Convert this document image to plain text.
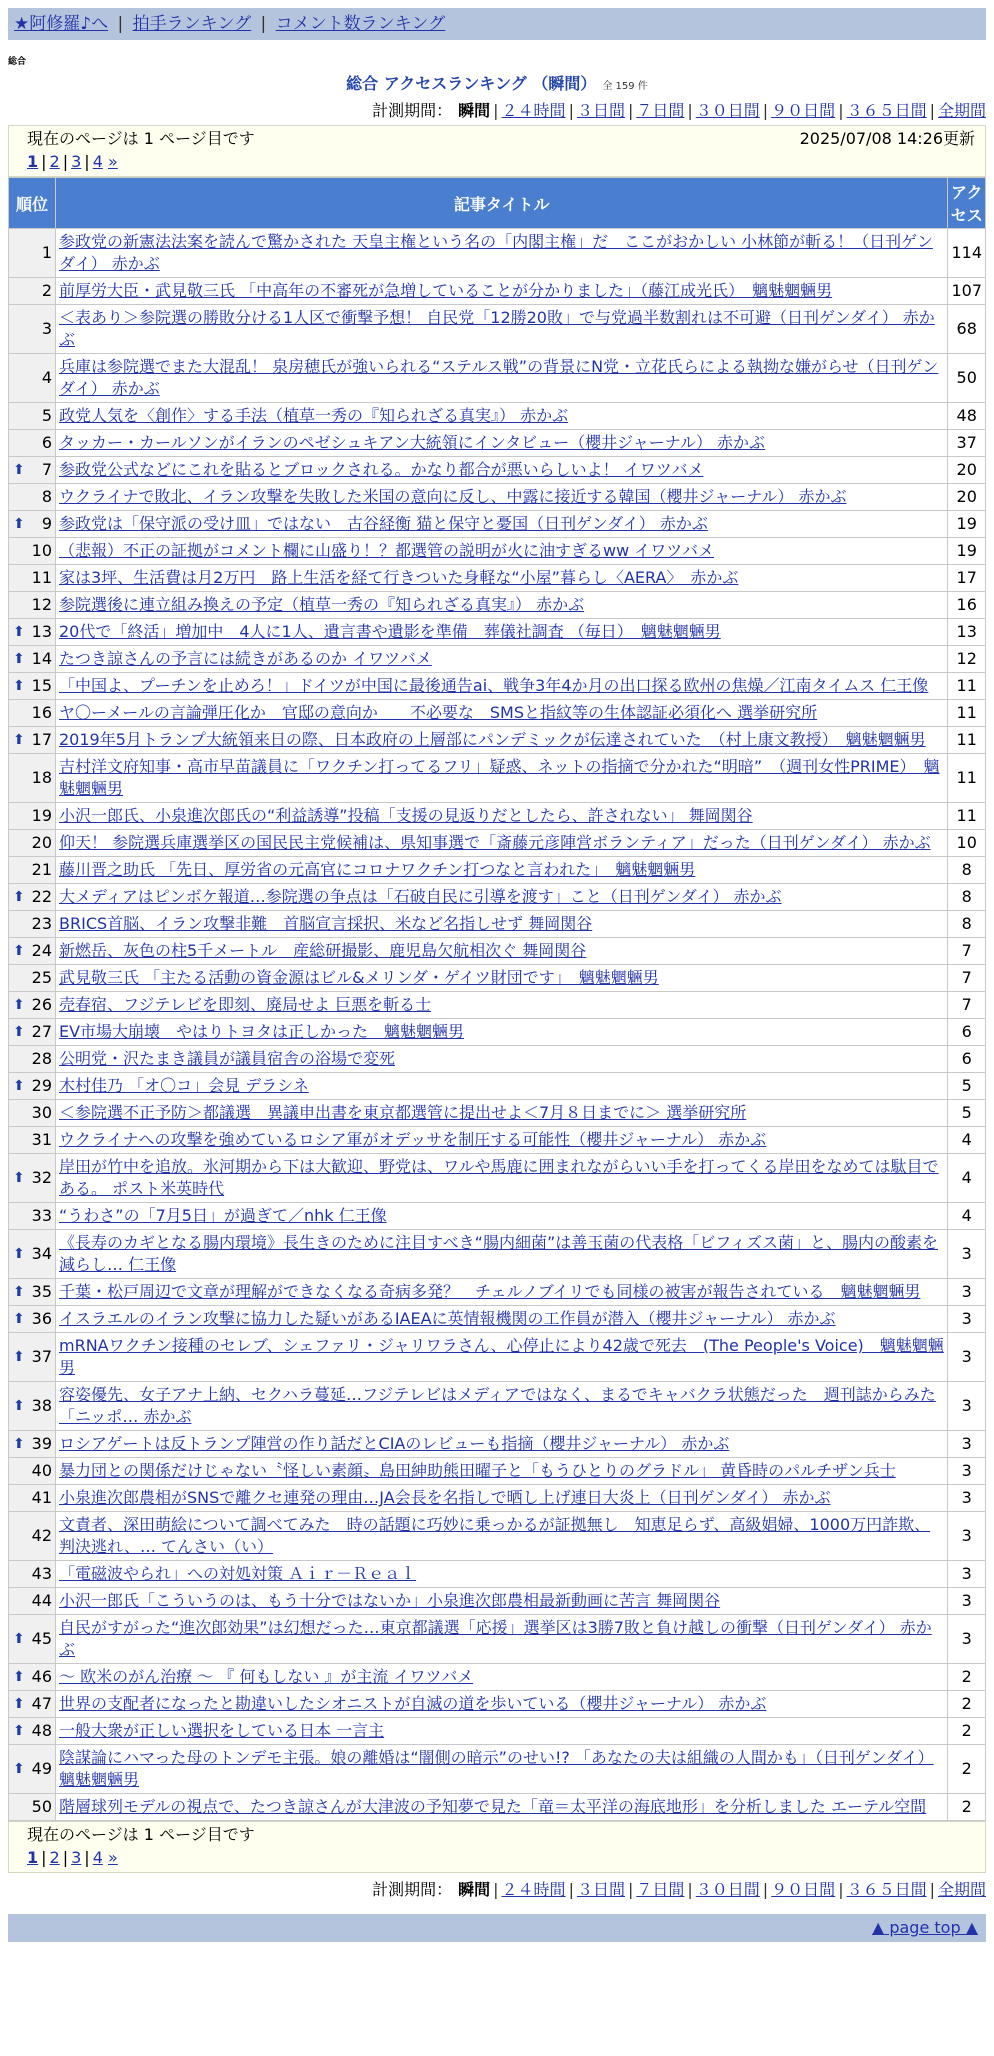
★阿修羅♪へ | 拍手ランキング | コメント数ランキング
総合
総合 アクセスランキング （瞬間） 全 159 件
計測期間： 瞬間 | ２４時間 | ３日間 | ７日間 | ３０日間 | ９０日間 | ３６５日間 | 全期間
現在のページは 1 ページ目です	2025/07/08 14:26更新
1 | 2 | 3 | 4 »
順位	記事タイトル	アクセス
1	参政党の新憲法法案を読んで驚かされた 天皇主権という名の「内閣主権」だ　ここがおかしい 小林節が斬る！（日刊ゲンダイ） 赤かぶ	114
2	前厚労大臣・武見敬三氏 「中高年の不審死が急増していることが分かりました」（藤江成光氏）　魑魅魍魎男	107
3	＜表あり＞参院選の勝敗分ける1人区で衝撃予想！ 自民党「12勝20敗」で与党過半数割れは不可避（日刊ゲンダイ） 赤かぶ	68
4	兵庫は参院選でまた大混乱！ 泉房穂氏が強いられる“ステルス戦”の背景にN党・立花氏らによる執拗な嫌がらせ（日刊ゲンダイ） 赤かぶ	50
5	政党人気を〈創作〉する手法（植草一秀の『知られざる真実』） 赤かぶ	48
6	タッカー・カールソンがイランのペゼシュキアン大統領にインタビュー（櫻井ジャーナル） 赤かぶ	37

⬆ 7	参政党公式などにこれを貼るとブロックされる。かなり都合が悪いらしいよ！ イワツバメ	20
8	ウクライナで敗北、イラン攻撃を失敗した米国の意向に反し、中露に接近する韓国（櫻井ジャーナル） 赤かぶ	20

⬆ 9	参政党は「保守派の受け皿」ではない　古谷経衡 猫と保守と憂国（日刊ゲンダイ） 赤かぶ	19
10	（悲報）不正の証拠がコメント欄に山盛り！？都選管の説明が火に油すぎるww イワツバメ	19
11	家は3坪、生活費は月2万円　路上生活を経て行きついた身軽な“小屋”暮らし〈AERA〉　赤かぶ	17
12	参院選後に連立組み換えの予定（植草一秀の『知られざる真実』） 赤かぶ	16

⬆ 13	20代で「終活」増加中　4人に1人、遺言書や遺影を準備　葬儀社調査 （毎日）　魑魅魍魎男	13

⬆ 14	たつき諒さんの予言には続きがあるのか イワツバメ	12

⬆ 15	「中国よ、プーチンを止めろ！」ドイツが中国に最後通告ai、戦争3年4か月の出口探る欧州の焦燥／江南タイムス 仁王像	11
16	ヤ〇ーメールの言論弾圧化か　官邸の意向か　　不必要な　SMSと指紋等の生体認証必須化へ 選挙研究所	11

⬆ 17	2019年5月トランプ大統領来日の際、日本政府の上層部にパンデミックが伝達されていた　（村上康文教授）　魑魅魍魎男	11
18	吉村洋文府知事・高市早苗議員に「ワクチン打ってるフリ」疑惑、ネットの指摘で分かれた“明暗”　（週刊女性PRIME）　魑魅魍魎男	11
19	小沢一郎氏、小泉進次郎氏の“利益誘導”投稿「支援の見返りだとしたら、許されない」 舞岡関谷	11
20	仰天！ 参院選兵庫選挙区の国民民主党候補は、県知事選で「斎藤元彦陣営ボランティア」だった（日刊ゲンダイ） 赤かぶ	10
21	藤川晋之助氏 「先日、厚労省の元高官にコロナワクチン打つなと言われた」　魑魅魍魎男	8

⬆ 22	大メディアはピンボケ報道…参院選の争点は「石破自民に引導を渡す」こと（日刊ゲンダイ） 赤かぶ	8
23	BRICS首脳、イラン攻撃非難　首脳宣言採択、米など名指しせず 舞岡関谷	8

⬆ 24	新燃岳、灰色の柱5千メートル　産総研撮影、鹿児島欠航相次ぐ 舞岡関谷	7
25	武見敬三氏 「主たる活動の資金源はビル&メリンダ・ゲイツ財団です」　魑魅魍魎男	7

⬆ 26	売春宿、フジテレビを即刻、廃局せよ 巨悪を斬る士	7

⬆ 27	EV市場大崩壊　やはりトヨタは正しかった　魑魅魍魎男	6
28	公明党・沢たまき議員が議員宿舎の浴場で変死	6

⬆ 29	木村佳乃 「オ〇コ」会見 デラシネ	5
30	＜参院選不正予防＞都議選　異議申出書を東京都選管に提出せよ＜7月８日までに＞ 選挙研究所	5
31	ウクライナへの攻撃を強めているロシア軍がオデッサを制圧する可能性（櫻井ジャーナル） 赤かぶ	4

⬆ 32	岸田が竹中を追放。氷河期から下は大歓迎、野党は、ワルや馬鹿に囲まれながらいい手を打ってくる岸田をなめては駄目である。 ポスト米英時代	4
33	“うわさ”の「7月5日」が過ぎて／nhk 仁王像	4

⬆ 34	《長寿のカギとなる腸内環境》長生きのために注目すべき“腸内細菌”は善玉菌の代表格「ビフィズス菌」と、腸内の酸素を減らし… 仁王像	3

⬆ 35	千葉・松戸周辺で文章が理解ができなくなる奇病多発？　チェルノブイリでも同様の被害が報告されている　魑魅魍魎男	3

⬆ 36	イスラエルのイラン攻撃に協力した疑いがあるIAEAに英情報機関の工作員が潜入（櫻井ジャーナル） 赤かぶ	3

⬆ 37	mRNAワクチン接種のセレブ、シェファリ・ジャリワラさん、心停止により42歳で死去　(The People's Voice)　魑魅魍魎男	3

⬆ 38	容姿優先、女子アナ上納、セクハラ蔓延…フジテレビはメディアではなく、まるでキャバクラ状態だった　週刊誌からみた「ニッポ… 赤かぶ	3

⬆ 39	ロシアゲートは反トランプ陣営の作り話だとCIAのレビューも指摘（櫻井ジャーナル） 赤かぶ	3
40	暴力団との関係だけじゃない〝怪しい素顔〟島田紳助熊田曜子と「もうひとりのグラドル」 黄昏時のパルチザン兵士	3
41	小泉進次郎農相がSNSで離クセ連発の理由…JA会長を名指しで晒し上げ連日大炎上（日刊ゲンダイ） 赤かぶ	3
42	文責者、深田萌絵について調べてみた　時の話題に巧妙に乗っかるが証拠無し　知恵足らず、高級娼婦、1000万円詐欺、判決逃れ、… てんさい（い）	3
43	「電磁波やられ」への対処対策 Ａｉｒ－Ｒｅａｌ	3
44	小沢一郎氏「こういうのは、もう十分ではないか」小泉進次郎農相最新動画に苦言 舞岡関谷	3

⬆ 45	自民がすがった“進次郎効果”は幻想だった…東京都議選「応援」選挙区は3勝7敗と負け越しの衝撃（日刊ゲンダイ） 赤かぶ	3

⬆ 46	～ 欧米のがん治療 ～ 『 何もしない 』が主流 イワツバメ	2

⬆ 47	世界の支配者になったと勘違いしたシオニストが自滅の道を歩いている（櫻井ジャーナル） 赤かぶ	2

⬆ 48	一般大衆が正しい選択をしている日本 一言主	2

⬆ 49	陰謀論にハマった母のトンデモ主張。娘の離婚は“闇側の暗示”のせい!? 「あなたの夫は組織の人間かも」（日刊ゲンダイ）魑魅魍魎男	2
50	階層球列モデルの視点で、たつき諒さんが大津波の予知夢で見た「竜＝太平洋の海底地形」を分析しました エーテル空間	2
現在のページは 1 ページ目です
1 | 2 | 3 | 4 »
計測期間： 瞬間 | ２４時間 | ３日間 | ７日間 | ３０日間 | ９０日間 | ３６５日間 | 全期間
▲ page top ▲
